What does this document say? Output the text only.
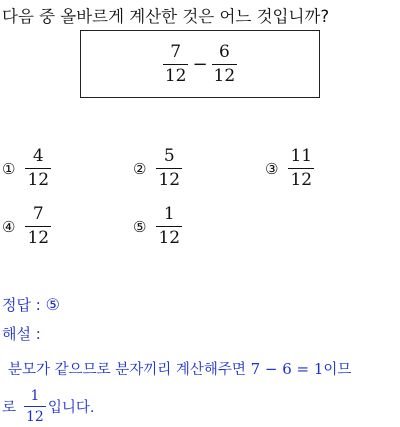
다음 중 올바르게 계산한 것은 어느 것입니까?
$\frac{7}{12} - \frac{6}{12}$
① $\frac{4}{12}$	② $\frac{5}{12}$	③ $\frac{11}{12}$
④ $\frac{7}{12}$	⑤ $\frac{1}{12}$
정답 : ⑤
해설 :
분모가 같으므로 분자끼리 계산해주면 7 − 6 = 1이므
로 $\frac{1}{12}$ 입니다.
